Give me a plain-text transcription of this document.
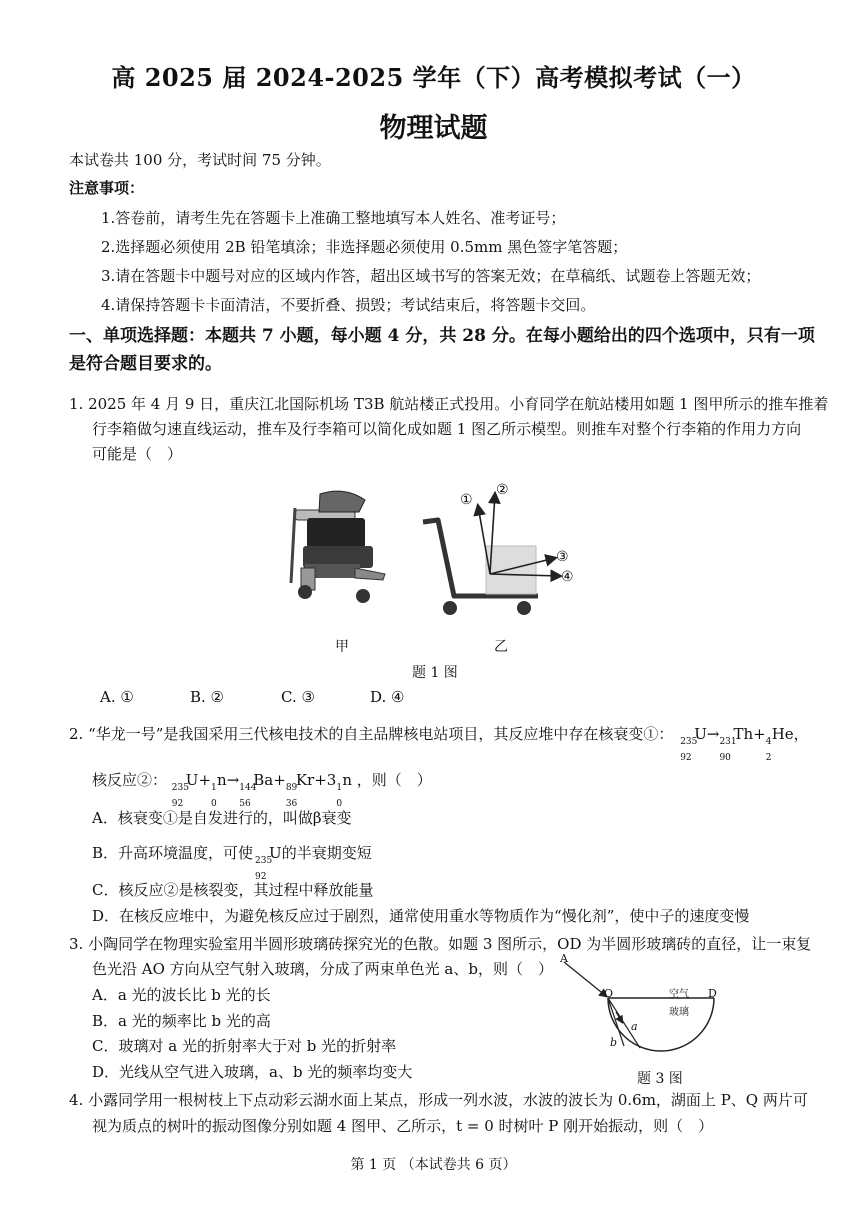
高 2025 届 2024-2025 学年（下）高考模拟考试（一）
物理试题
本试卷共 100 分，考试时间 75 分钟。
注意事项：
1.答卷前，请考生先在答题卡上准确工整地填写本人姓名、准考证号；
2.选择题必须使用 2B 铅笔填涂；非选择题必须使用 0.5mm 黑色签字笔答题；
3.请在答题卡中题号对应的区域内作答，超出区域书写的答案无效；在草稿纸、试题卷上答题无效；
4.请保持答题卡卡面清洁，不要折叠、损毁；考试结束后，将答题卡交回。
一、单项选择题：本题共 7 小题，每小题 4 分，共 28 分。在每小题给出的四个选项中，只有一项
是符合题目要求的。
1. 2025 年 4 月 9 日，重庆江北国际机场 T3B 航站楼正式投用。小育同学在航站楼用如题 1 图甲所示的推车推着
行李箱做匀速直线运动，推车及行李箱可以简化成如题 1 图乙所示模型。则推车对整个行李箱的作用力方向
可能是（　）
①
②
③
④
甲	乙
题 1 图
A. ①	B. ②	C. ③	D. ④
2. “华龙一号”是我国采用三代核电技术的自主品牌核电站项目，其反应堆中存在核衰变①： 235
92
U→ 231
90
Th+ 4
2
He，
核反应②： 235
92
U+ 1
0
n→ 144
56
Ba+ 89
36
Kr+3 1
0
n ，则（　）
A．核衰变①是自发进行的，叫做β衰变
B．升高环境温度，可使 235
92
U的半衰期变短
C．核反应②是核裂变，其过程中释放能量
D．在核反应堆中，为避免核反应过于剧烈，通常使用重水等物质作为“慢化剂”，使中子的速度变慢
3. 小陶同学在物理实验室用半圆形玻璃砖探究光的色散。如题 3 图所示，OD 为半圆形玻璃砖的直径，让一束复
色光沿 AO 方向从空气射入玻璃，分成了两束单色光 a、b，则（　）
A．a 光的波长比 b 光的长
B．a 光的频率比 b 光的高
C．玻璃对 a 光的折射率大于对 b 光的折射率
D．光线从空气进入玻璃，a、b 光的频率均变大
A
O	D
空气
玻璃
a
b
题 3 图
4. 小露同学用一根树枝上下点动彩云湖水面上某点，形成一列水波，水波的波长为 0.6m，湖面上 P、Q 两片可
视为质点的树叶的振动图像分别如题 4 图甲、乙所示，t = 0 时树叶 P 刚开始振动，则（　）
第 1 页 （本试卷共 6 页）
